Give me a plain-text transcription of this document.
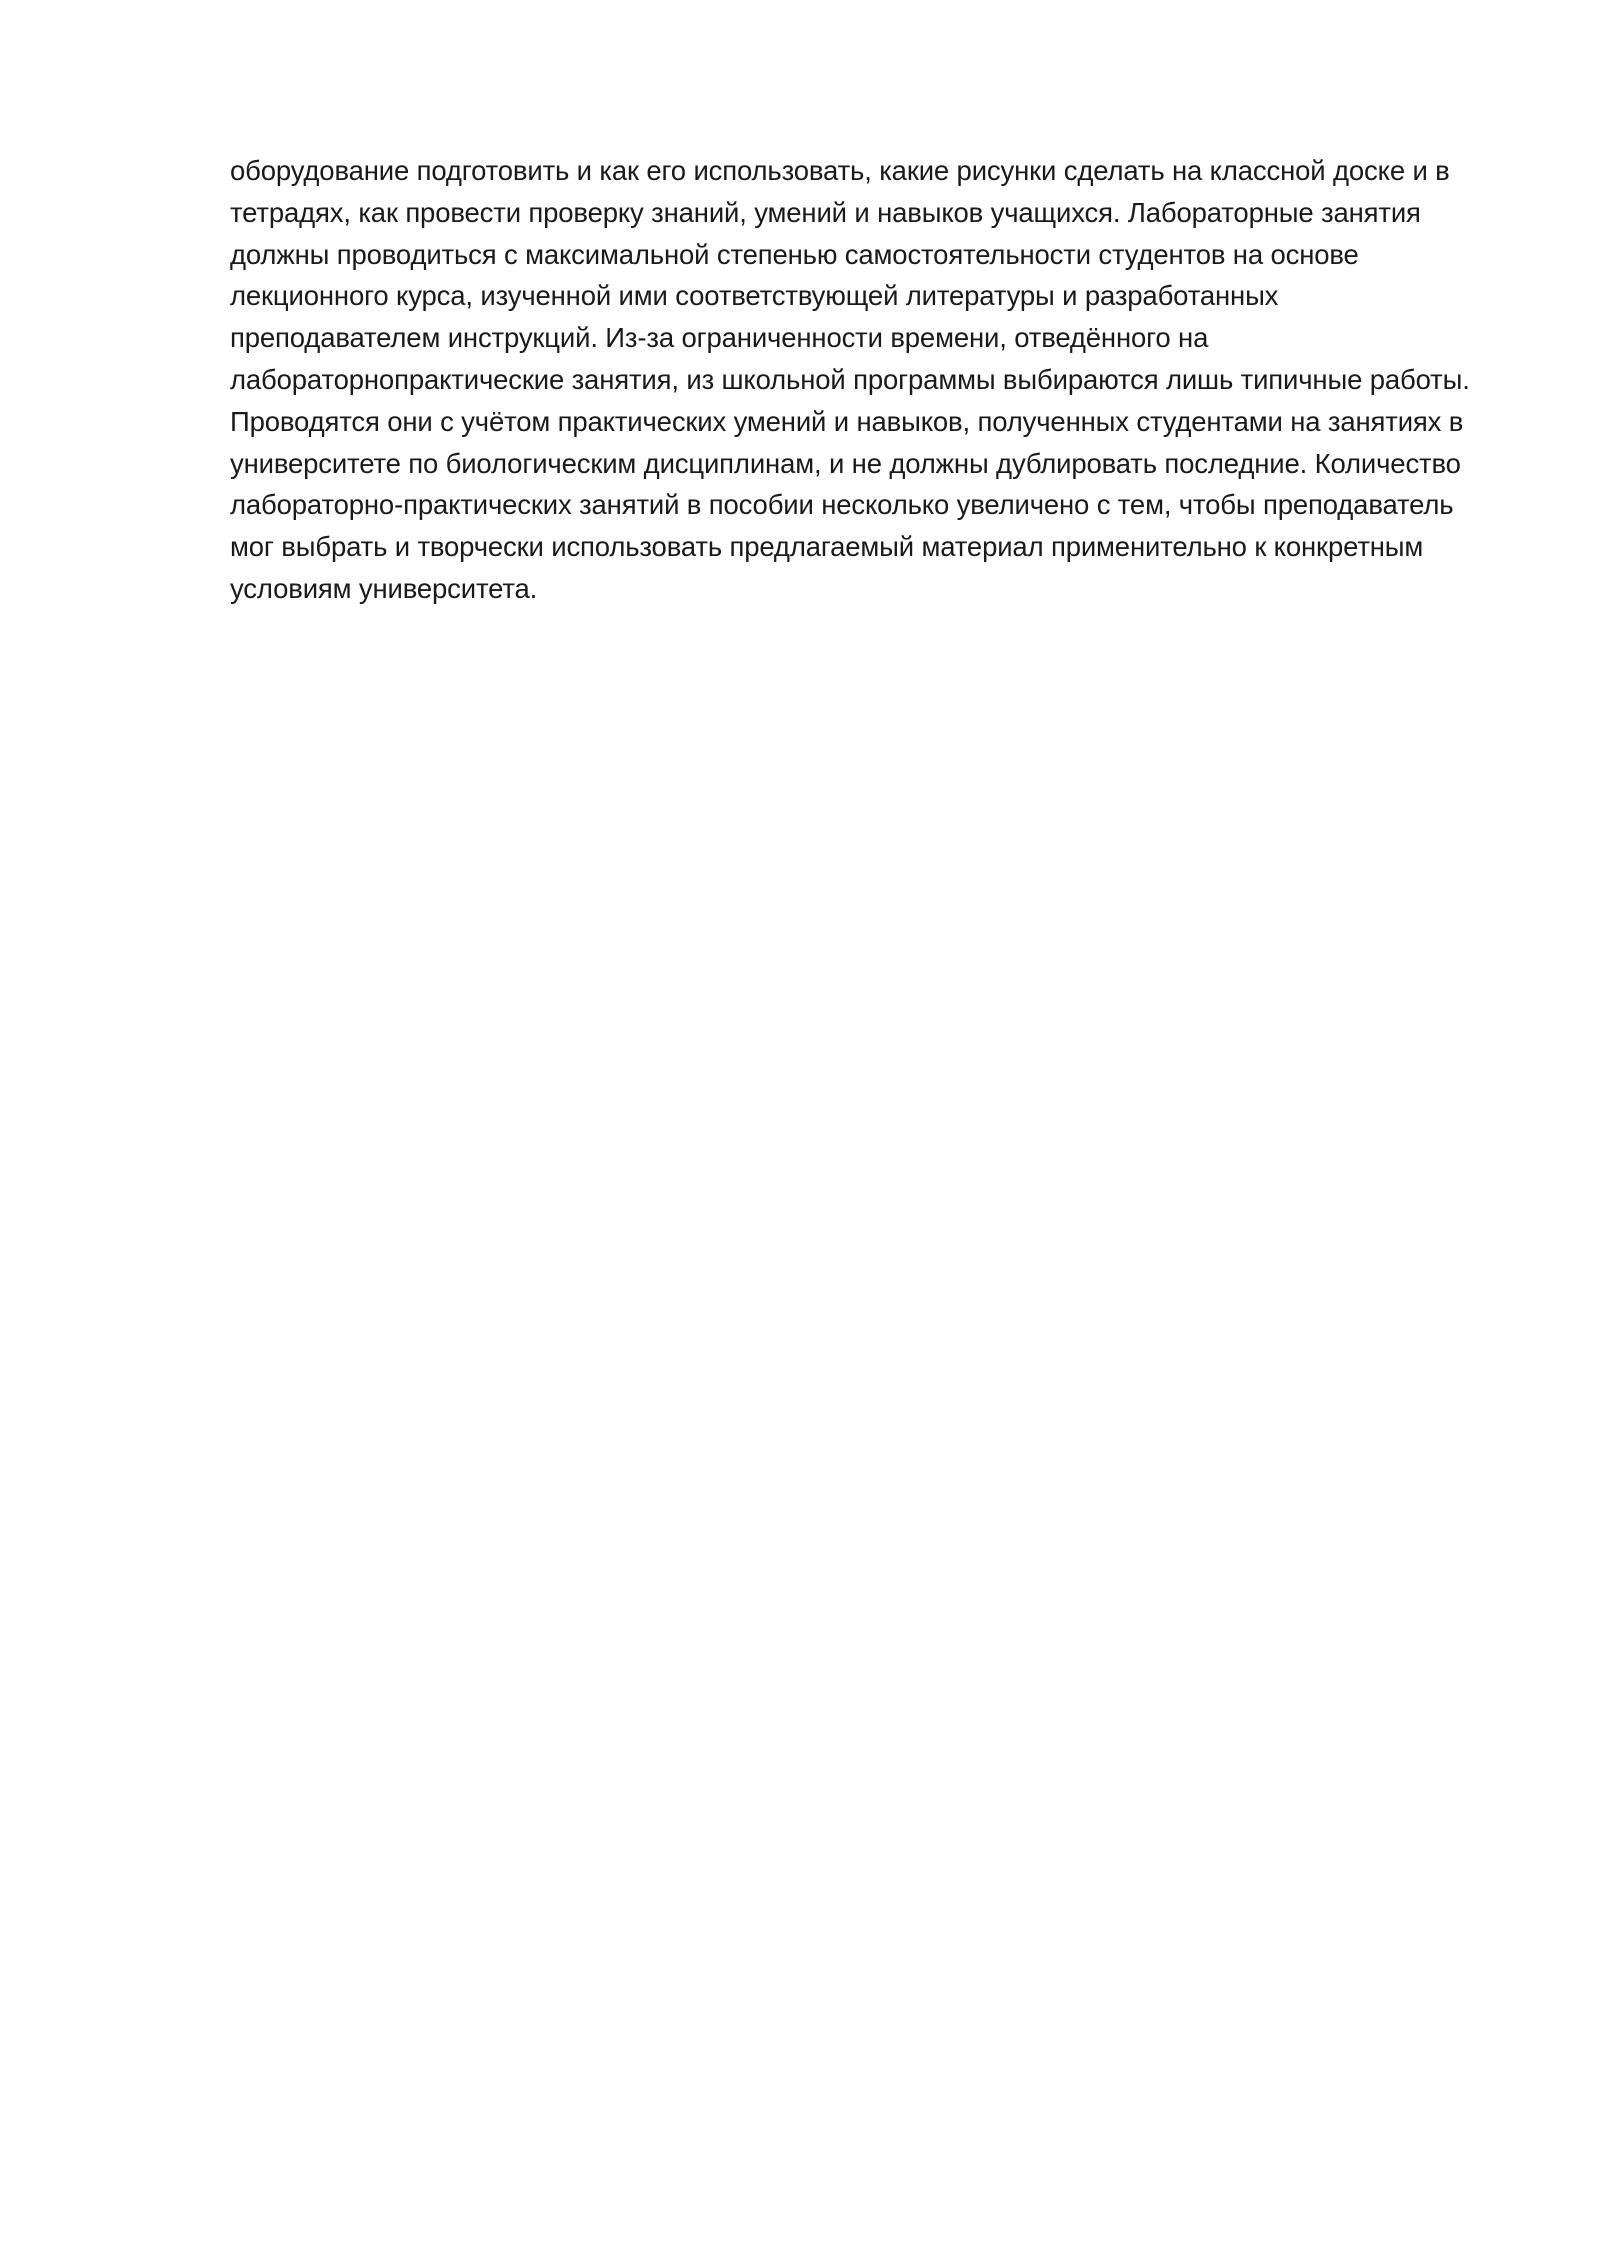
оборудование подготовить и как его использовать, какие рисунки сделать на классной доске и в
тетрадях, как провести проверку знаний, умений и навыков учащихся. Лабораторные занятия
должны проводиться с максимальной степенью самостоятельности студентов на основе
лекционного курса, изученной ими соответствующей литературы и разработанных
преподавателем инструкций. Из-за ограниченности времени, отведённого на
лабораторнопрактические занятия, из школьной программы выбираются лишь типичные работы.
Проводятся они с учётом практических умений и навыков, полученных студентами на занятиях в
университете по биологическим дисциплинам, и не должны дублировать последние. Количество
лабораторно-практических занятий в пособии несколько увеличено с тем, чтобы преподаватель
мог выбрать и творчески использовать предлагаемый материал применительно к конкретным
условиям университета.
